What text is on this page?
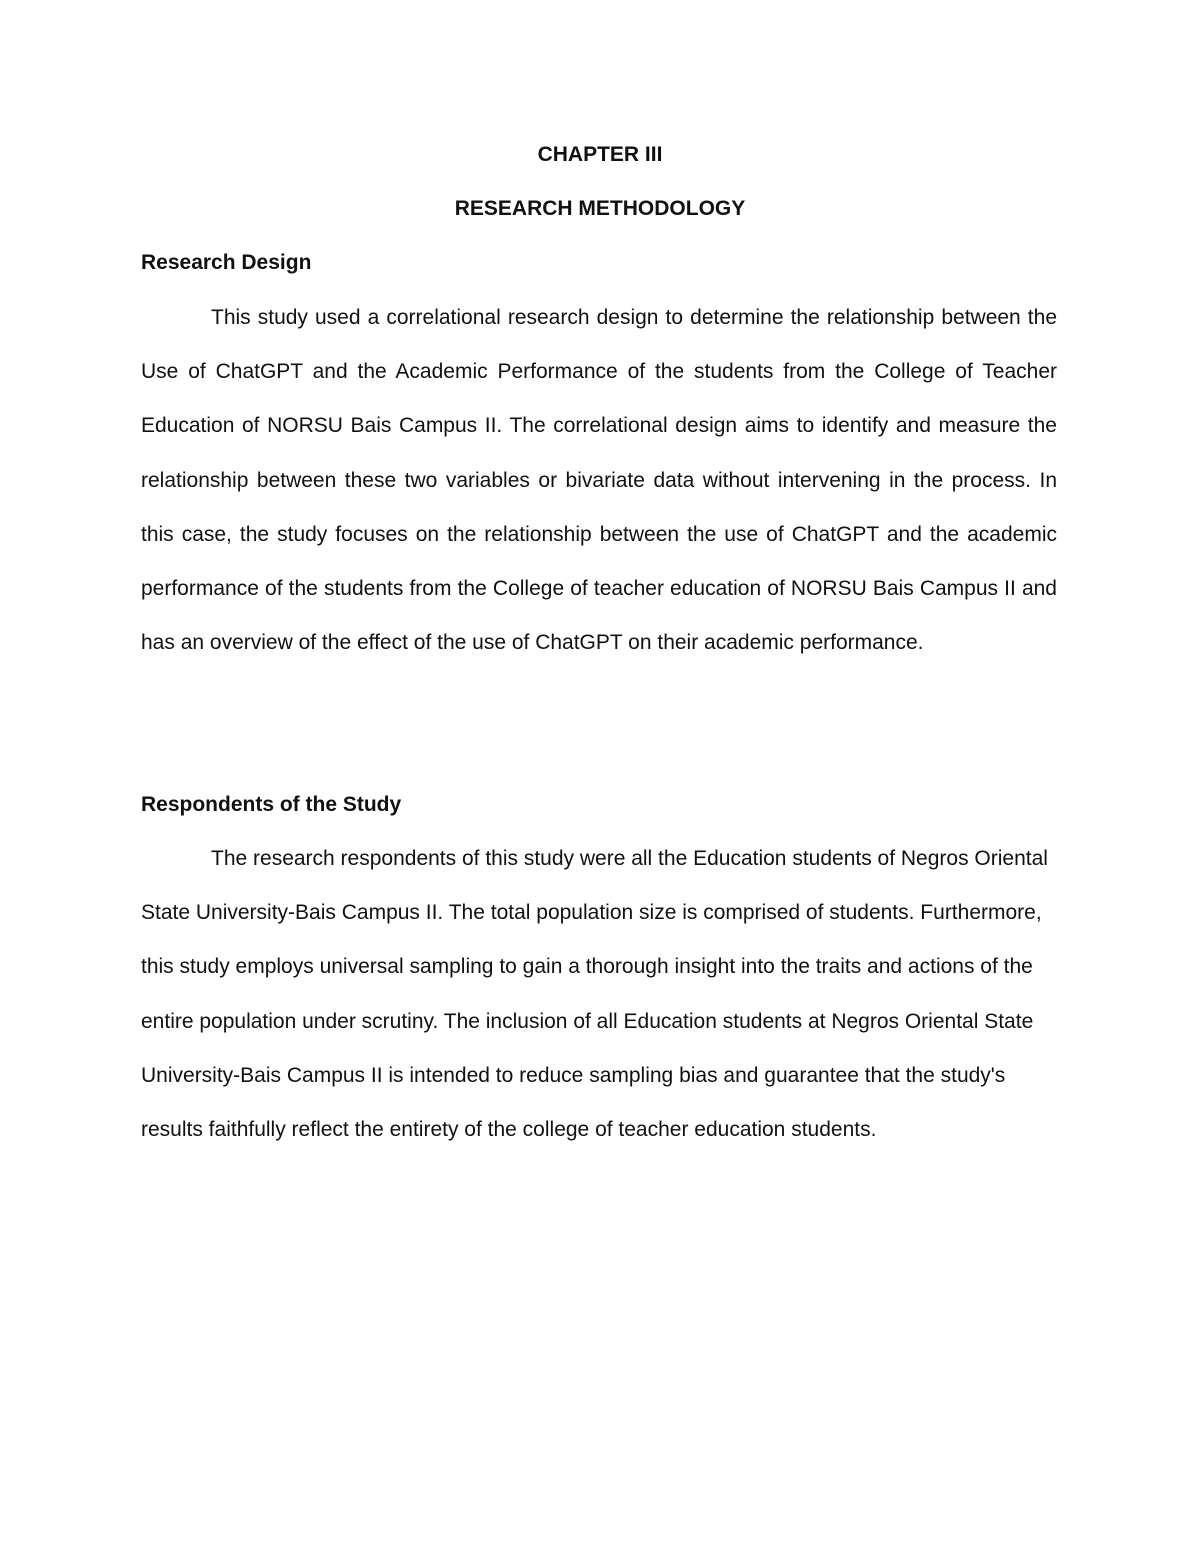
CHAPTER III
RESEARCH METHODOLOGY
Research Design

This study used a correlational research design to determine the relationship between the Use of ChatGPT and the Academic Performance of the students from the College of Teacher Education of NORSU Bais Campus II. The correlational design aims to identify and measure the relationship between these two variables or bivariate data without intervening in the process. In this case, the study focuses on the relationship between the use of ChatGPT and the academic performance of the students from the College of teacher education of NORSU Bais Campus II and has an overview of the effect of the use of ChatGPT on their academic performance.

Respondents of the Study

The research respondents of this study were all the Education students of Negros Oriental State University-Bais Campus II. The total population size is comprised of students. Furthermore, this study employs universal sampling to gain a thorough insight into the traits and actions of the entire population under scrutiny. The inclusion of all Education students at Negros Oriental State University-Bais Campus II is intended to reduce sampling bias and guarantee that the study's results faithfully reflect the entirety of the college of teacher education students.
